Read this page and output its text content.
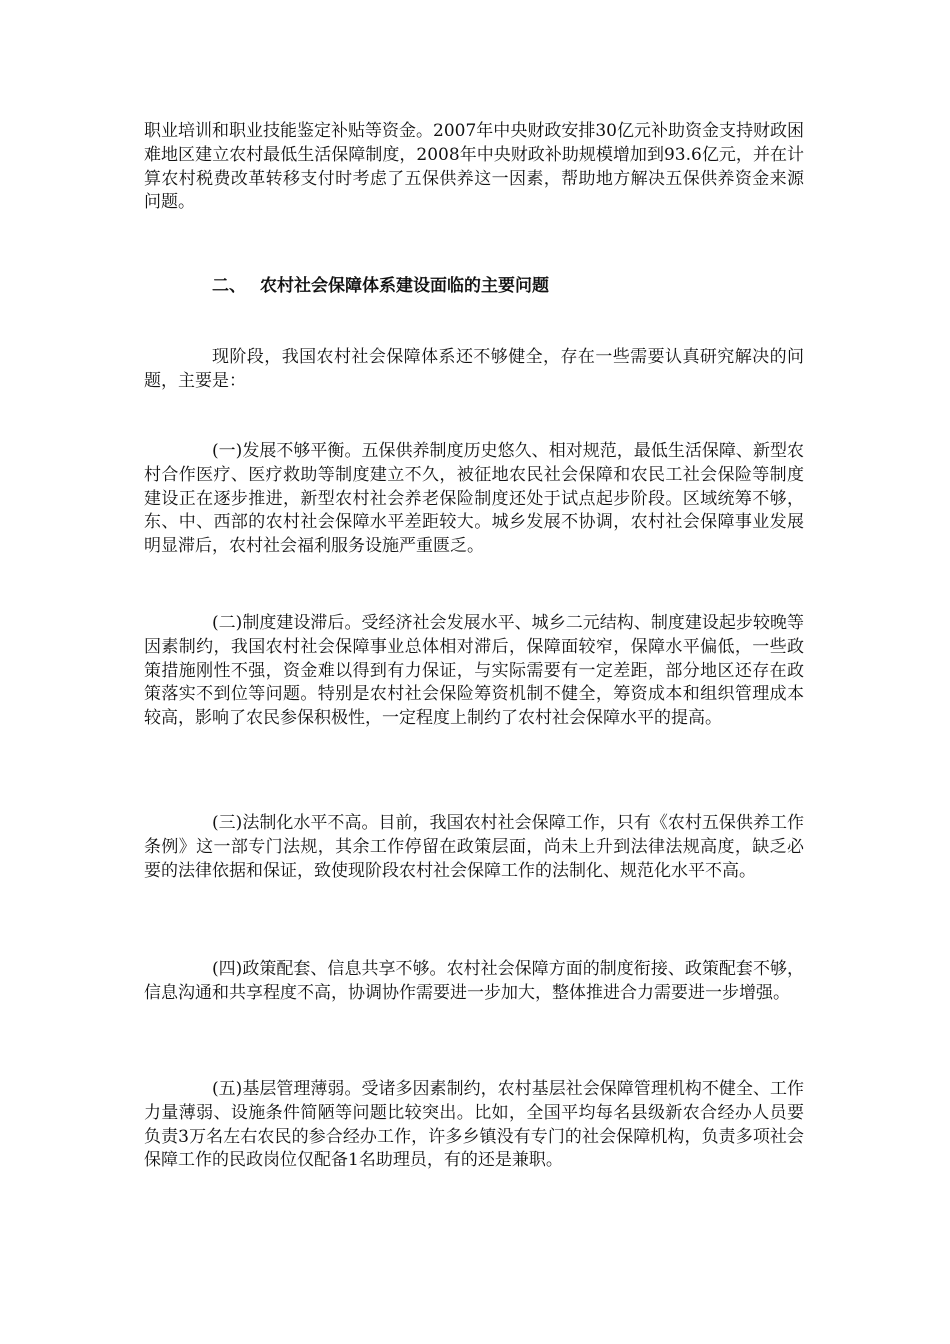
职业培训和职业技能鉴定补贴等资金。2007年中央财政安排30亿元补助资金支持财政困难地区建立农村最低生活保障制度，2008年中央财政补助规模增加到93.6亿元，并在计算农村税费改革转移支付时考虑了五保供养这一因素，帮助地方解决五保供养资金来源问题。

二、 农村社会保障体系建设面临的主要问题

现阶段，我国农村社会保障体系还不够健全，存在一些需要认真研究解决的问题，主要是：

(一)发展不够平衡。五保供养制度历史悠久、相对规范，最低生活保障、新型农村合作医疗、医疗救助等制度建立不久，被征地农民社会保障和农民工社会保险等制度建设正在逐步推进，新型农村社会养老保险制度还处于试点起步阶段。区域统筹不够，东、中、西部的农村社会保障水平差距较大。城乡发展不协调，农村社会保障事业发展明显滞后，农村社会福利服务设施严重匮乏。

(二)制度建设滞后。受经济社会发展水平、城乡二元结构、制度建设起步较晚等因素制约，我国农村社会保障事业总体相对滞后，保障面较窄，保障水平偏低，一些政策措施刚性不强，资金难以得到有力保证，与实际需要有一定差距，部分地区还存在政策落实不到位等问题。特别是农村社会保险筹资机制不健全，筹资成本和组织管理成本较高，影响了农民参保积极性，一定程度上制约了农村社会保障水平的提高。

(三)法制化水平不高。目前，我国农村社会保障工作，只有《农村五保供养工作条例》这一部专门法规，其余工作停留在政策层面，尚未上升到法律法规高度，缺乏必要的法律依据和保证，致使现阶段农村社会保障工作的法制化、规范化水平不高。

(四)政策配套、信息共享不够。农村社会保障方面的制度衔接、政策配套不够，信息沟通和共享程度不高，协调协作需要进一步加大，整体推进合力需要进一步增强。

(五)基层管理薄弱。受诸多因素制约，农村基层社会保障管理机构不健全、工作力量薄弱、设施条件简陋等问题比较突出。比如，全国平均每名县级新农合经办人员要负责3万名左右农民的参合经办工作，许多乡镇没有专门的社会保障机构，负责多项社会保障工作的民政岗位仅配备1名助理员，有的还是兼职。
